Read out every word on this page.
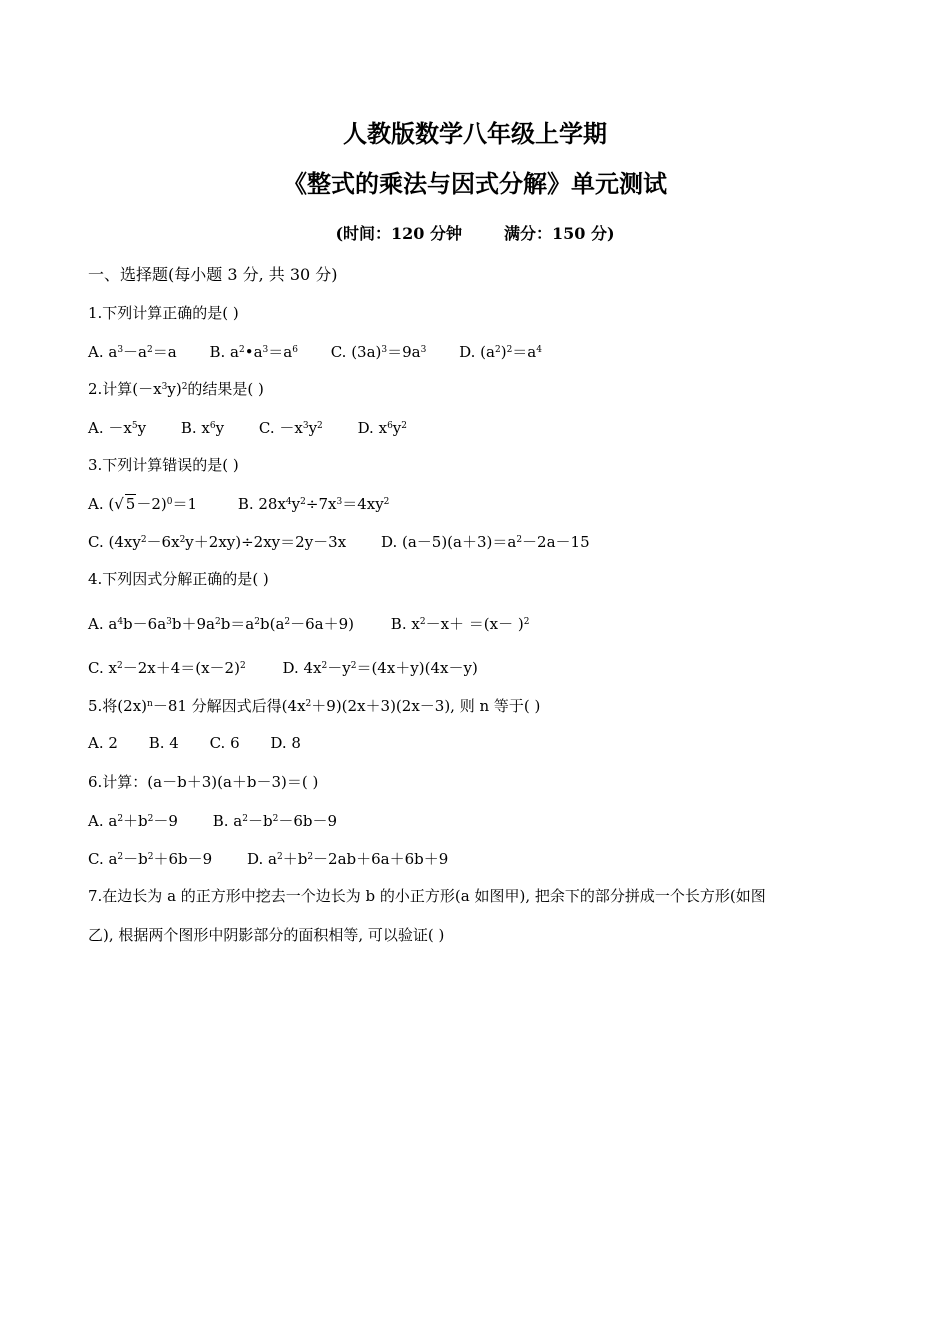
人教版数学八年级上学期
《整式的乘法与因式分解》单元测试
(时间：120 分钟	满分：150 分)
一、选择题(每小题 3 分, 共 30 分)
1.下列计算正确的是( )
A. $a^3-a^2=a$ B. $a^2•a^3=a^6$ C. $(3a)^3=9a^3$ D. $(a^2)^2=a^4$
2.计算$(-x^3y)^2$的结果是( )
A. $-x^5y$ B. $x^6y$ C. $-x^3y^2$ D. $x^6y^2$
3.下列计算错误的是( )
A. (√ 5－2)$^0$＝1	B. $28x^4y^2\div 7x^3=4xy^2$
C. $(4xy^2-6x^2y+2xy)\div 2xy=2y-3x$ D. $(a-5)(a+3)=a^2-2a-15$
4.下列因式分解正确的是( )
A. $a^4b-6a^3b+9a^2b=a^2b(a^2-6a+9)$ B. $x^2-x+ =(x- )^2$
C. $x^2-2x+4=(x-2)^2$ D. $4x^2-y^2=(4x+y)(4x-y)$
5.将$(2x)^n-81$ 分解因式后得$(4x^2+9)(2x+3)(2x-3)$, 则 n 等于( )
A. 2 B. 4 C. 6 D. 8
6.计算：(a－b＋3)(a＋b－3)＝( )
A. $a^2+b^2-9$ B. $a^2-b^2-6b-9$
C. $a^2-b^2+6b-9$ D. $a^2+b^2-2ab+6a+6b+9$
7.在边长为 a 的正方形中挖去一个边长为 b 的小正方形(a 如图甲), 把余下的部分拼成一个长方形(如图
乙), 根据两个图形中阴影部分的面积相等, 可以验证( )
